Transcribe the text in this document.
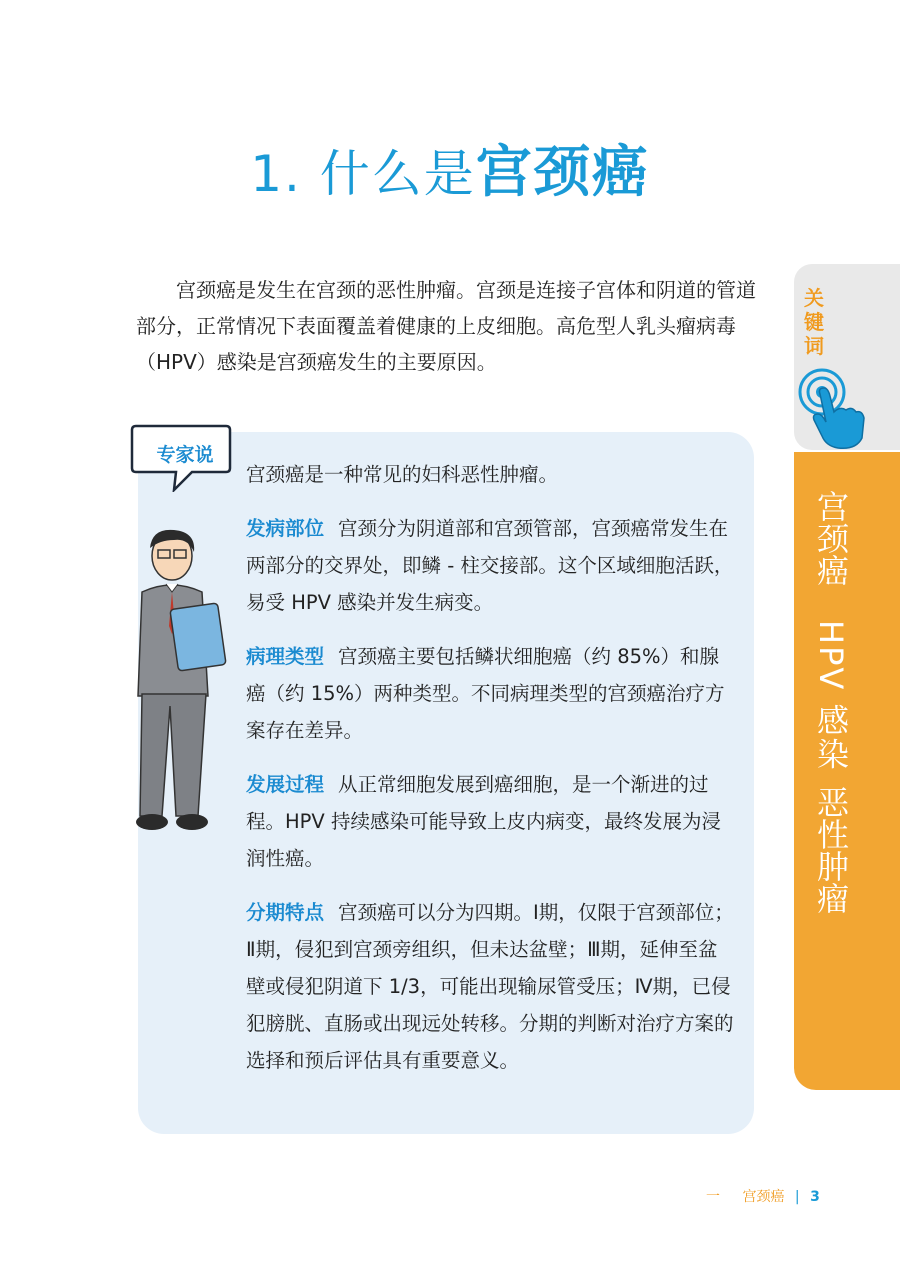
1. 什么是宫颈癌

宫颈癌是发生在宫颈的恶性肿瘤。宫颈是连接子宫体和阴道的管道部分，正常情况下表面覆盖着健康的上皮细胞。高危型人乳头瘤病毒（HPV）感染是宫颈癌发生的主要原因。

专家说

宫颈癌是一种常见的妇科恶性肿瘤。

发病部位 宫颈分为阴道部和宫颈管部，宫颈癌常发生在两部分的交界处，即鳞 - 柱交接部。这个区域细胞活跃，易受 HPV 感染并发生病变。

病理类型 宫颈癌主要包括鳞状细胞癌（约 85%）和腺癌（约 15%）两种类型。不同病理类型的宫颈癌治疗方案存在差异。

发展过程 从正常细胞发展到癌细胞，是一个渐进的过程。HPV 持续感染可能导致上皮内病变，最终发展为浸润性癌。

分期特点 宫颈癌可以分为四期。Ⅰ期，仅限于宫颈部位；Ⅱ期，侵犯到宫颈旁组织，但未达盆壁；Ⅲ期，延伸至盆壁或侵犯阴道下 1/3，可能出现输尿管受压；Ⅳ期，已侵犯膀胱、直肠或出现远处转移。分期的判断对治疗方案的选择和预后评估具有重要意义。

关键词
宫颈癌
HPV 感染
恶性肿瘤
一 宫颈癌 | 3
